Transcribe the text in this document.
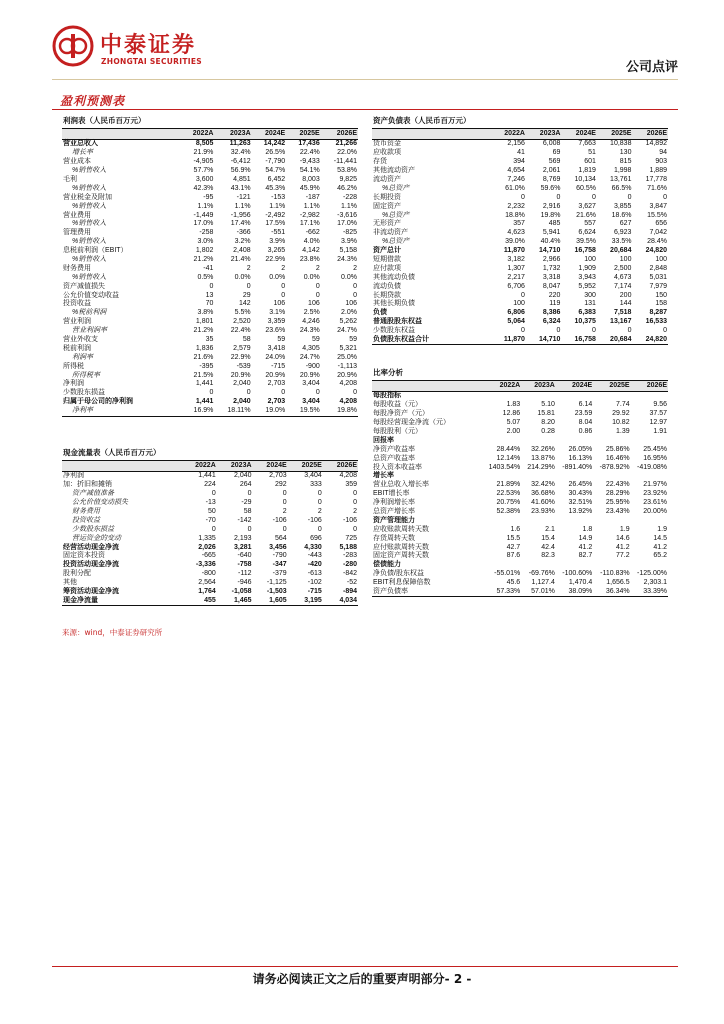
中泰证券
ZHONGTAI SECURITIES	公司点评
盈利预测表
利润表（人民币百万元）					
	2022A	2023A	2024E	2025E	2026E
营业总收入	8,505	11,263	14,242	17,436	21,266
增长率	21.9%	32.4%	26.5%	22.4%	22.0%
营业成本	-4,905	-6,412	-7,790	-9,433	-11,441
%销售收入	57.7%	56.9%	54.7%	54.1%	53.8%
毛利	3,600	4,851	6,452	8,003	9,825
%销售收入	42.3%	43.1%	45.3%	45.9%	46.2%
营业税金及附加	-95	-121	-153	-187	-228
%销售收入	1.1%	1.1%	1.1%	1.1%	1.1%
营业费用	-1,449	-1,956	-2,492	-2,982	-3,616
%销售收入	17.0%	17.4%	17.5%	17.1%	17.0%
管理费用	-258	-366	-551	-662	-825
%销售收入	3.0%	3.2%	3.9%	4.0%	3.9%
息税前利润（EBIT）	1,802	2,408	3,265	4,142	5,158
%销售收入	21.2%	21.4%	22.9%	23.8%	24.3%
财务费用	-41	2	2	2	2
%销售收入	0.5%	0.0%	0.0%	0.0%	0.0%
资产减值损失	0	0	0	0	0
公允价值变动收益	13	29	0	0	0
投资收益	70	142	106	106	106
%税前利润	3.8%	5.5%	3.1%	2.5%	2.0%
营业利润	1,801	2,520	3,359	4,246	5,262
营业利润率	21.2%	22.4%	23.6%	24.3%	24.7%
营业外收支	35	58	59	59	59
税前利润	1,836	2,579	3,418	4,305	5,321
利润率	21.6%	22.9%	24.0%	24.7%	25.0%
所得税	-395	-539	-715	-900	-1,113
所得税率	21.5%	20.9%	20.9%	20.9%	20.9%
净利润	1,441	2,040	2,703	3,404	4,208
少数股东损益	0	0	0	0	0
归属于母公司的净利润	1,441	2,040	2,703	3,404	4,208
净利率	16.9%	18.11%	19.0%	19.5%	19.8%
资产负债表（人民币百万元）					
	2022A	2023A	2024E	2025E	2026E
货币资金	2,156	6,008	7,663	10,838	14,892
应收款项	41	69	51	130	94
存货	394	569	601	815	903
其他流动资产	4,654	2,061	1,819	1,998	1,889
流动资产	7,246	8,769	10,134	13,761	17,778
%总资产	61.0%	59.6%	60.5%	66.5%	71.6%
长期投资	0	0	0	0	0
固定资产	2,232	2,916	3,627	3,855	3,847
%总资产	18.8%	19.8%	21.6%	18.6%	15.5%
无形资产	357	485	557	627	656
非流动资产	4,623	5,941	6,624	6,923	7,042
%总资产	39.0%	40.4%	39.5%	33.5%	28.4%
资产总计	11,870	14,710	16,758	20,684	24,820
短期借款	3,182	2,966	100	100	100
应付款项	1,307	1,732	1,909	2,500	2,848
其他流动负债	2,217	3,318	3,943	4,673	5,031
流动负债	6,706	8,047	5,952	7,174	7,979
长期贷款	0	220	300	200	150
其他长期负债	100	119	131	144	158
负债	6,806	8,386	6,383	7,518	8,287
普通股股东权益	5,064	6,324	10,375	13,167	16,533
少数股东权益	0	0	0	0	0
负债股东权益合计	11,870	14,710	16,758	20,684	24,820
现金流量表（人民币百万元）					
	2022A	2023A	2024E	2025E	2026E
净利润	1,441	2,040	2,703	3,404	4,208
加：折旧和摊销	224	264	292	333	359
资产减值准备	0	0	0	0	0
公允价值变动损失	-13	-29	0	0	0
财务费用	50	58	2	2	2
投资收益	-70	-142	-106	-106	-106
少数股东损益	0	0	0	0	0
营运资金的变动	1,335	2,193	564	696	725
经营活动现金净流	2,026	3,281	3,456	4,330	5,188
固定资本投资	-665	-640	-790	-443	-283
投资活动现金净流	-3,336	-758	-347	-420	-280
股利分配	-800	-112	-379	-613	-842
其他	2,564	-946	-1,125	-102	-52
筹资活动现金净流	1,764	-1,058	-1,503	-715	-894
现金净流量	455	1,465	1,605	3,195	4,034
比率分析					
	2022A	2023A	2024E	2025E	2026E
每股指标					
每股收益（元）	1.83	5.10	6.14	7.74	9.56
每股净资产（元）	12.86	15.81	23.59	29.92	37.57
每股经营现金净流（元）	5.07	8.20	8.04	10.82	12.97
每股股利（元）	2.00	0.28	0.86	1.39	1.91
回报率					
净资产收益率	28.44%	32.26%	26.05%	25.86%	25.45%
总资产收益率	12.14%	13.87%	16.13%	16.46%	16.95%
投入资本收益率	1403.54%	214.29%	-891.40%	-878.92%	-419.08%
增长率					
营业总收入增长率	21.89%	32.42%	26.45%	22.43%	21.97%
EBIT增长率	22.53%	36.68%	30.43%	28.29%	23.92%
净利润增长率	20.75%	41.60%	32.51%	25.95%	23.61%
总资产增长率	52.38%	23.93%	13.92%	23.43%	20.00%
资产管理能力					
应收账款周转天数	1.6	2.1	1.8	1.9	1.9
存货周转天数	15.5	15.4	14.9	14.6	14.5
应付账款周转天数	42.7	42.4	41.2	41.2	41.2
固定资产周转天数	87.6	82.3	82.7	77.2	65.2
偿债能力					
净负债/股东权益	-55.01%	-69.76%	-100.60%	-110.83%	-125.00%
EBIT利息保障倍数	45.6	1,127.4	1,470.4	1,656.5	2,303.1
资产负债率	57.33%	57.01%	38.09%	36.34%	33.39%
来源：wind，中泰证券研究所
请务必阅读正文之后的重要声明部分- 2 -
